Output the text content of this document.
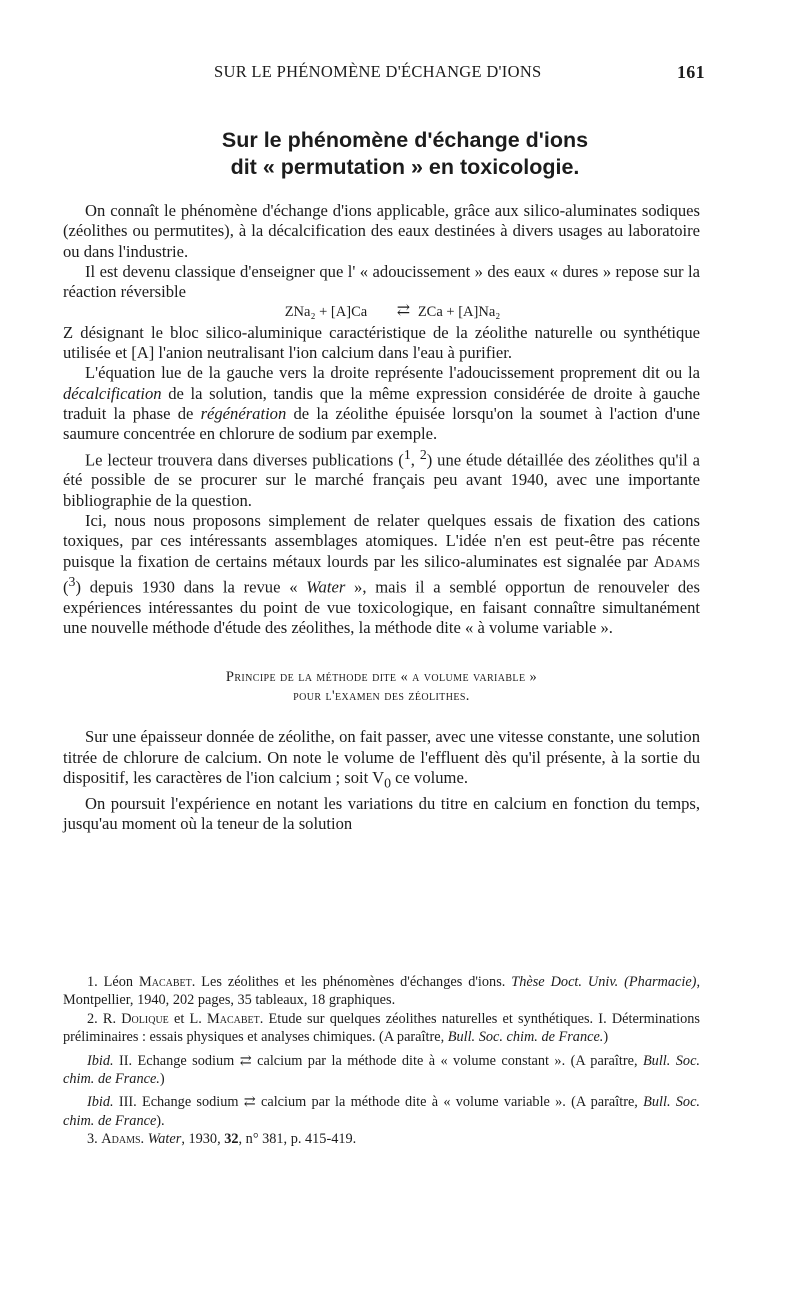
SUR LE PHÉNOMÈNE D'ÉCHANGE D'IONS	161
Sur le phénomène d'échange d'ions
dit « permutation » en toxicologie.

On connaît le phénomène d'échange d'ions applicable, grâce aux silico-aluminates sodiques (zéolithes ou permutites), à la décalcification des eaux destinées à divers usages au laboratoire ou dans l'industrie.

Il est devenu classique d'enseigner que l' « adoucissement » des eaux « dures » repose sur la réaction réversible

ZNa₂ + [A]Ca ⇄ ZCa + [A]Na₂

Z désignant le bloc silico-aluminique caractéristique de la zéolithe naturelle ou synthétique utilisée et [A] l'anion neutralisant l'ion calcium dans l'eau à purifier.

L'équation lue de la gauche vers la droite représente l'adoucissement proprement dit ou la décalcification de la solution, tandis que la même expression considérée de droite à gauche traduit la phase de régénération de la zéolithe épuisée lorsqu'on la soumet à l'action d'une saumure concentrée en chlorure de sodium par exemple.

Le lecteur trouvera dans diverses publications ($^1$, $^2$) une étude détaillée des zéolithes qu'il a été possible de se procurer sur le marché français peu avant 1940, avec une importante bibliographie de la question.

Ici, nous nous proposons simplement de relater quelques essais de fixation des cations toxiques, par ces intéressants assemblages atomiques. L'idée n'en est peut-être pas récente puisque la fixation de certains métaux lourds par les silico-aluminates est signalée par Adams ($^3$) depuis 1930 dans la revue « Water », mais il a semblé opportun de renouveler des expériences intéressantes du point de vue toxicologique, en faisant connaître simultanément une nouvelle méthode d'étude des zéolithes, la méthode dite « à volume variable ».

Principe de la méthode dite « a volume variable »
pour l'examen des zéolithes.

Sur une épaisseur donnée de zéolithe, on fait passer, avec une vitesse constante, une solution titrée de chlorure de calcium. On note le volume de l'effluent dès qu'il présente, à la sortie du dispositif, les caractères de l'ion calcium ; soit $V_0$ ce volume.

On poursuit l'expérience en notant les variations du titre en calcium en fonction du temps, jusqu'au moment où la teneur de la solution

1. Léon Macabet. Les zéolithes et les phénomènes d'échanges d'ions. Thèse Doct. Univ. (Pharmacie), Montpellier, 1940, 202 pages, 35 tableaux, 18 graphiques.

2. R. Dolique et L. Macabet. Etude sur quelques zéolithes naturelles et synthétiques. I. Déterminations préliminaires : essais physiques et analyses chimiques. (A paraître, Bull. Soc. chim. de France.)

Ibid. II. Echange sodium ⇄ calcium par la méthode dite à « volume constant ». (A paraître, Bull. Soc. chim. de France.)

Ibid. III. Echange sodium ⇄ calcium par la méthode dite à « volume variable ». (A paraître, Bull. Soc. chim. de France).

3. Adams. Water, 1930, 32, n° 381, p. 415-419.
